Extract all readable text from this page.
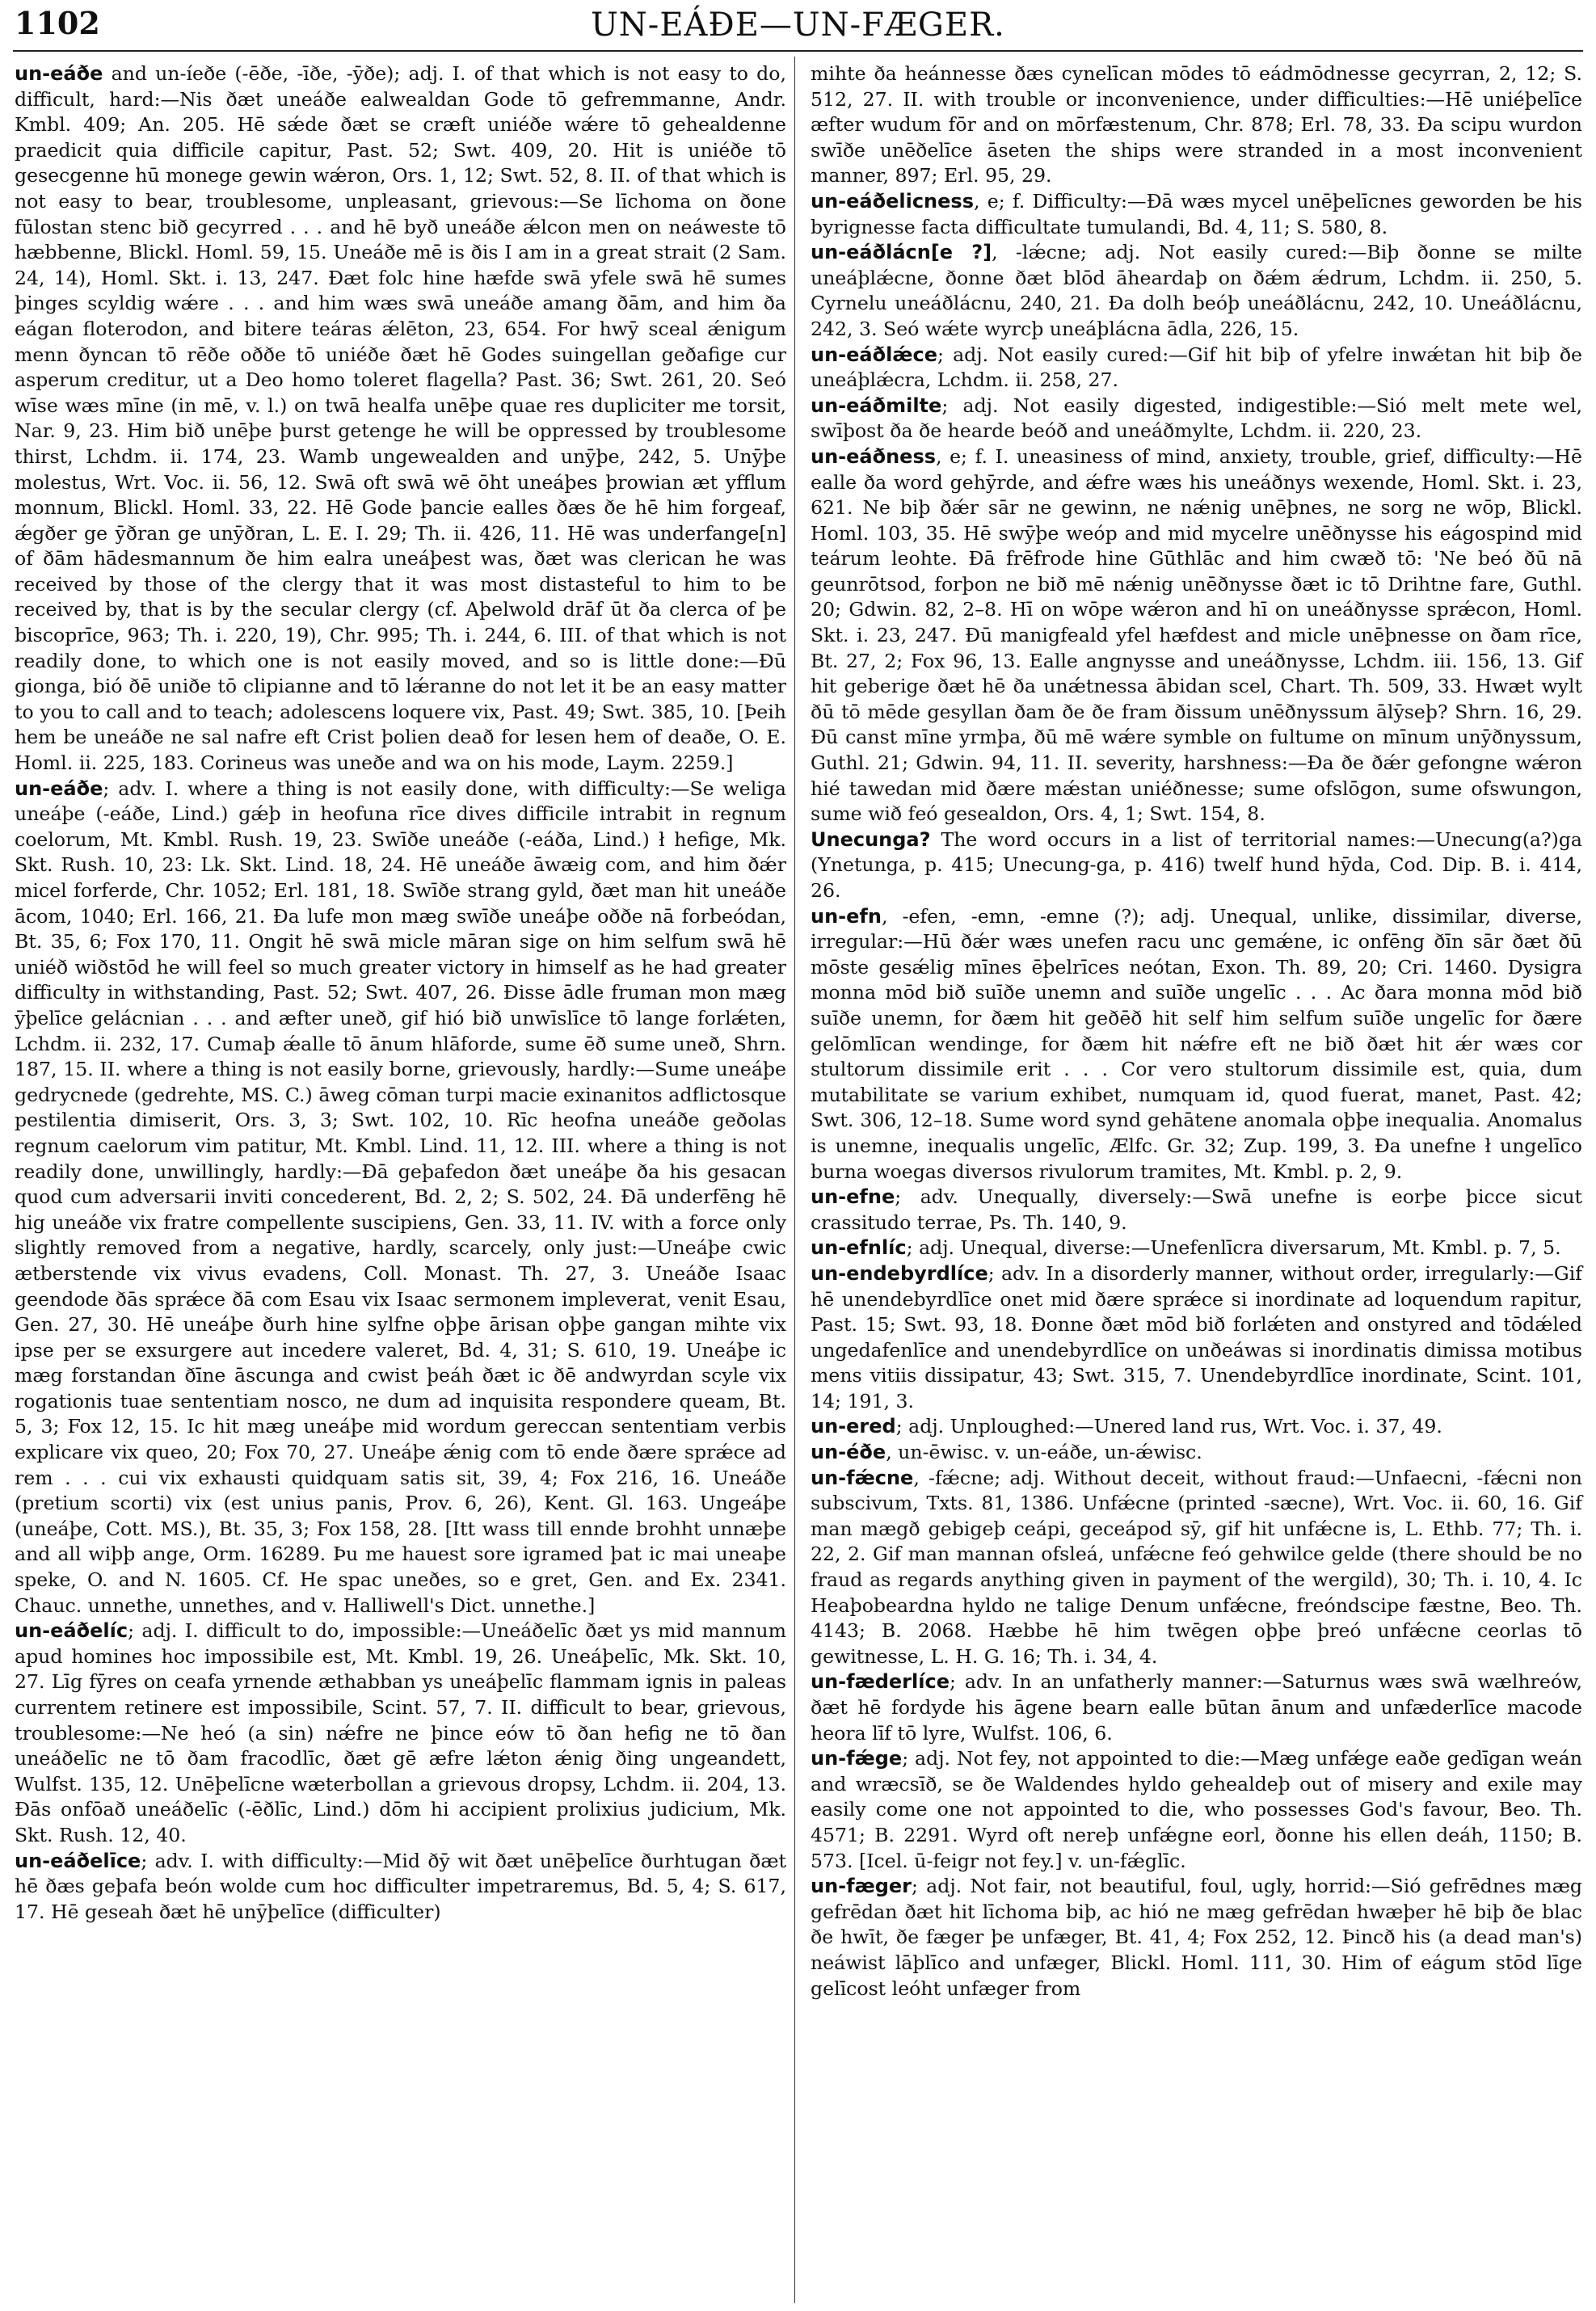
1102	UN-EÁÐE—UN-FÆGER.

un-eáðe and un-íeðe (-ēðe, -īðe, -ȳðe); adj. I. of that which is not easy to do, difficult, hard:—Nis ðæt uneáðe ealwealdan Gode tō gefremmanne, Andr. Kmbl. 409; An. 205. Hē sǽde ðæt se cræft uniéðe wǽre tō gehealdenne praedicit quia difficile capitur, Past. 52; Swt. 409, 20. Hit is uniéðe tō gesecgenne hū monege gewin wǽron, Ors. 1, 12; Swt. 52, 8. II. of that which is not easy to bear, troublesome, unpleasant, grievous:—Se līchoma on ðone fūlostan stenc bið gecyrred . . . and hē byð uneáðe ǽlcon men on neáweste tō hæbbenne, Blickl. Homl. 59, 15. Uneáðe mē is ðis I am in a great strait (2 Sam. 24, 14), Homl. Skt. i. 13, 247. Ðæt folc hine hæfde swā yfele swā hē sumes þinges scyldig wǽre . . . and him wæs swā uneáðe amang ðām, and him ða eágan floterodon, and bitere teáras ǽlēton, 23, 654. For hwȳ sceal ǽnigum menn ðyncan tō rēðe oððe tō uniéðe ðæt hē Godes suingellan geðafige cur asperum creditur, ut a Deo homo toleret flagella? Past. 36; Swt. 261, 20. Seó wīse wæs mīne (in mē, v. l.) on twā healfa unēþe quae res dupliciter me torsit, Nar. 9, 23. Him bið unēþe þurst getenge he will be oppressed by troublesome thirst, Lchdm. ii. 174, 23. Wamb ungewealden and unȳþe, 242, 5. Unȳþe molestus, Wrt. Voc. ii. 56, 12. Swā oft swā wē ōht uneáþes þrowian æt yfflum monnum, Blickl. Homl. 33, 22. Hē Gode þancie ealles ðæs ðe hē him forgeaf, ǽgðer ge ȳðran ge unȳðran, L. E. I. 29; Th. ii. 426, 11. Hē was underfange[n] of ðām hādesmannum ðe him ealra uneáþest was, ðæt was clerican he was received by those of the clergy that it was most distasteful to him to be received by, that is by the secular clergy (cf. Aþelwold drāf ūt ða clerca of þe biscoprīce, 963; Th. i. 220, 19), Chr. 995; Th. i. 244, 6. III. of that which is not readily done, to which one is not easily moved, and so is little done:—Ðū gionga, bió ðē uniðe tō clipianne and tō lǽranne do not let it be an easy matter to you to call and to teach; adolescens loquere vix, Past. 49; Swt. 385, 10. [Þeih hem be uneáðe ne sal nafre eft Crist þolien deað for lesen hem of deaðe, O. E. Homl. ii. 225, 183. Corineus was uneðe and wa on his mode, Laym. 2259.]

un-eáðe; adv. I. where a thing is not easily done, with difficulty:—Se weliga uneáþe (-eáðe, Lind.) gǽþ in heofuna rīce dives difficile intrabit in regnum coelorum, Mt. Kmbl. Rush. 19, 23. Swīðe uneáðe (-eáða, Lind.) ł hefige, Mk. Skt. Rush. 10, 23: Lk. Skt. Lind. 18, 24. Hē uneáðe āwæig com, and him ðǽr micel forferde, Chr. 1052; Erl. 181, 18. Swīðe strang gyld, ðæt man hit uneáðe ācom, 1040; Erl. 166, 21. Ða lufe mon mæg swīðe uneáþe oððe nā forbeódan, Bt. 35, 6; Fox 170, 11. Ongit hē swā micle māran sige on him selfum swā hē uniéð wiðstōd he will feel so much greater victory in himself as he had greater difficulty in withstanding, Past. 52; Swt. 407, 26. Ðisse ādle fruman mon mæg ȳþelīce gelácnian . . . and æfter uneð, gif hió bið unwīslīce tō lange forlǽten, Lchdm. ii. 232, 17. Cumaþ ǽalle tō ānum hlāforde, sume ēð sume uneð, Shrn. 187, 15. II. where a thing is not easily borne, grievously, hardly:—Sume uneáþe gedrycnede (gedrehte, MS. C.) āweg cōman turpi macie exinanitos adflictosque pestilentia dimiserit, Ors. 3, 3; Swt. 102, 10. Rīc heofna uneáðe geðolas regnum caelorum vim patitur, Mt. Kmbl. Lind. 11, 12. III. where a thing is not readily done, unwillingly, hardly:—Ðā geþafedon ðæt uneáþe ða his gesacan quod cum adversarii inviti concederent, Bd. 2, 2; S. 502, 24. Ðā underfēng hē hig uneáðe vix fratre compellente suscipiens, Gen. 33, 11. IV. with a force only slightly removed from a negative, hardly, scarcely, only just:—Uneáþe cwic ætberstende vix vivus evadens, Coll. Monast. Th. 27, 3. Uneáðe Isaac geendode ðās sprǽce ðā com Esau vix Isaac sermonem impleverat, venit Esau, Gen. 27, 30. Hē uneáþe ðurh hine sylfne oþþe ārisan oþþe gangan mihte vix ipse per se exsurgere aut incedere valeret, Bd. 4, 31; S. 610, 19. Uneáþe ic mæg forstandan ðīne āscunga and cwist þeáh ðæt ic ðē andwyrdan scyle vix rogationis tuae sententiam nosco, ne dum ad inquisita respondere queam, Bt. 5, 3; Fox 12, 15. Ic hit mæg uneáþe mid wordum gereccan sententiam verbis explicare vix queo, 20; Fox 70, 27. Uneáþe ǽnig com tō ende ðære sprǽce ad rem . . . cui vix exhausti quidquam satis sit, 39, 4; Fox 216, 16. Uneáðe (pretium scorti) vix (est unius panis, Prov. 6, 26), Kent. Gl. 163. Ungeáþe (uneáþe, Cott. MS.), Bt. 35, 3; Fox 158, 28. [Itt wass till ennde brohht unnæþe and all wiþþ ange, Orm. 16289. Þu me hauest sore igramed þat ic mai uneaþe speke, O. and N. 1605. Cf. He spac uneðes, so e gret, Gen. and Ex. 2341. Chauc. unnethe, unnethes, and v. Halliwell's Dict. unnethe.]

un-eáðelíc; adj. I. difficult to do, impossible:—Uneáðelīc ðæt ys mid mannum apud homines hoc impossibile est, Mt. Kmbl. 19, 26. Uneáþelīc, Mk. Skt. 10, 27. Līg fȳres on ceafa yrnende æthabban ys uneáþelīc flammam ignis in paleas currentem retinere est impossibile, Scint. 57, 7. II. difficult to bear, grievous, troublesome:—Ne heó (a sin) nǽfre ne þince eów tō ðan hefig ne tō ðan uneáðelīc ne tō ðam fracodlīc, ðæt gē æfre lǽton ǽnig ðing ungeandett, Wulfst. 135, 12. Unēþelīcne wæterbollan a grievous dropsy, Lchdm. ii. 204, 13. Ðās onfōað uneáðelīc (-ēðlīc, Lind.) dōm hi accipient prolixius judicium, Mk. Skt. Rush. 12, 40.

un-eáðelīce; adv. I. with difficulty:—Mid ðȳ wit ðæt unēþelīce ðurhtugan ðæt hē ðæs geþafa beón wolde cum hoc difficulter impetraremus, Bd. 5, 4; S. 617, 17. Hē geseah ðæt hē unȳþelīce (difficulter)

mihte ða heánnesse ðæs cynelīcan mōdes tō eádmōdnesse gecyrran, 2, 12; S. 512, 27. II. with trouble or inconvenience, under difficulties:—Hē uniéþelīce æfter wudum fōr and on mōrfæstenum, Chr. 878; Erl. 78, 33. Ða scipu wurdon swīðe unēðelīce āseten the ships were stranded in a most inconvenient manner, 897; Erl. 95, 29.

un-eáðelicness, e; f. Difficulty:—Ðā wæs mycel unēþelīcnes geworden be his byrignesse facta difficultate tumulandi, Bd. 4, 11; S. 580, 8.

un-eáðlácn[e ?], -lǽcne; adj. Not easily cured:—Biþ ðonne se milte uneáþlǽcne, ðonne ðæt blōd āheardaþ on ðǽm ǽdrum, Lchdm. ii. 250, 5. Cyrnelu uneáðlácnu, 240, 21. Ða dolh beóþ uneáðlácnu, 242, 10. Uneáðlácnu, 242, 3. Seó wǽte wyrcþ uneáþlácna ādla, 226, 15.

un-eáðlǽce; adj. Not easily cured:—Gif hit biþ of yfelre inwǽtan hit biþ ðe uneáþlǽcra, Lchdm. ii. 258, 27.

un-eáðmilte; adj. Not easily digested, indigestible:—Sió melt mete wel, swīþost ða ðe hearde beóð and uneáðmylte, Lchdm. ii. 220, 23.

un-eáðness, e; f. I. uneasiness of mind, anxiety, trouble, grief, difficulty:—Hē ealle ða word gehȳrde, and ǽfre wæs his uneáðnys wexende, Homl. Skt. i. 23, 621. Ne biþ ðǽr sār ne gewinn, ne nǽnig unēþnes, ne sorg ne wōp, Blickl. Homl. 103, 35. Hē swȳþe weóp and mid mycelre unēðnysse his eágospind mid teárum leohte. Ðā frēfrode hine Gūthlāc and him cwæð tō: 'Ne beó ðū nā geunrōtsod, forþon ne bið mē nǽnig unēðnysse ðæt ic tō Drihtne fare, Guthl. 20; Gdwin. 82, 2–8. Hī on wōpe wǽron and hī on uneáðnysse sprǽcon, Homl. Skt. i. 23, 247. Ðū manigfeald yfel hæfdest and micle unēþnesse on ðam rīce, Bt. 27, 2; Fox 96, 13. Ealle angnysse and uneáðnysse, Lchdm. iii. 156, 13. Gif hit geberige ðæt hē ða unǽtnessa ābidan scel, Chart. Th. 509, 33. Hwæt wylt ðū tō mēde gesyllan ðam ðe ðe fram ðissum unēðnyssum ālȳseþ? Shrn. 16, 29. Ðū canst mīne yrmþa, ðū mē wǽre symble on fultume on mīnum unȳðnyssum, Guthl. 21; Gdwin. 94, 11. II. severity, harshness:—Ða ðe ðǽr gefongne wǽron hié tawedan mid ðære mǽstan uniéðnesse; sume ofslōgon, sume ofswungon, sume wið feó gesealdon, Ors. 4, 1; Swt. 154, 8.

Unecunga? The word occurs in a list of territorial names:—Unecung(a?)ga (Ynetunga, p. 415; Unecung-ga, p. 416) twelf hund hȳda, Cod. Dip. B. i. 414, 26.

un-efn, -efen, -emn, -emne (?); adj. Unequal, unlike, dissimilar, diverse, irregular:—Hū ðǽr wæs unefen racu unc gemǽne, ic onfēng ðīn sār ðæt ðū mōste gesǽlig mīnes ēþelrīces neótan, Exon. Th. 89, 20; Cri. 1460. Dysigra monna mōd bið suīðe unemn and suīðe ungelīc . . . Ac ðara monna mōd bið suīðe unemn, for ðæm hit geðēð hit self him selfum suīðe ungelīc for ðære gelōmlīcan wendinge, for ðæm hit nǽfre eft ne bið ðæt hit ǽr wæs cor stultorum dissimile erit . . . Cor vero stultorum dissimile est, quia, dum mutabilitate se varium exhibet, numquam id, quod fuerat, manet, Past. 42; Swt. 306, 12–18. Sume word synd gehātene anomala oþþe inequalia. Anomalus is unemne, inequalis ungelīc, Ælfc. Gr. 32; Zup. 199, 3. Ða unefne ł ungelīco burna woegas diversos rivulorum tramites, Mt. Kmbl. p. 2, 9.

un-efne; adv. Unequally, diversely:—Swā unefne is eorþe þicce sicut crassitudo terrae, Ps. Th. 140, 9.

un-efnlíc; adj. Unequal, diverse:—Unefenlīcra diversarum, Mt. Kmbl. p. 7, 5.

un-endebyrdlíce; adv. In a disorderly manner, without order, irregularly:—Gif hē unendebyrdlīce onet mid ðære sprǽce si inordinate ad loquendum rapitur, Past. 15; Swt. 93, 18. Ðonne ðæt mōd bið forlǽten and onstyred and tōdǽled ungedafenlīce and unendebyrdlīce on unðeáwas si inordinatis dimissa motibus mens vitiis dissipatur, 43; Swt. 315, 7. Unendebyrdlīce inordinate, Scint. 101, 14; 191, 3.

un-ered; adj. Unploughed:—Unered land rus, Wrt. Voc. i. 37, 49.

un-éðe, un-ēwisc. v. un-eáðe, un-ǽwisc.

un-fǽcne, -fǽcne; adj. Without deceit, without fraud:—Unfaecni, -fǽcni non subscivum, Txts. 81, 1386. Unfǽcne (printed -sæcne), Wrt. Voc. ii. 60, 16. Gif man mægð gebigeþ ceápi, geceápod sȳ, gif hit unfǽcne is, L. Ethb. 77; Th. i. 22, 2. Gif man mannan ofsleá, unfǽcne feó gehwilce gelde (there should be no fraud as regards anything given in payment of the wergild), 30; Th. i. 10, 4. Ic Heaþobeardna hyldo ne talige Denum unfǽcne, freóndscipe fæstne, Beo. Th. 4143; B. 2068. Hæbbe hē him twēgen oþþe þreó unfǽcne ceorlas tō gewitnesse, L. H. G. 16; Th. i. 34, 4.

un-fæderlíce; adv. In an unfatherly manner:—Saturnus wæs swā wælhreów, ðæt hē fordyde his āgene bearn ealle būtan ānum and unfæderlīce macode heora līf tō lyre, Wulfst. 106, 6.

un-fǽge; adj. Not fey, not appointed to die:—Mæg unfǽge eaðe gedīgan weán and wræcsīð, se ðe Waldendes hyldo gehealdeþ out of misery and exile may easily come one not appointed to die, who possesses God's favour, Beo. Th. 4571; B. 2291. Wyrd oft nereþ unfǽgne eorl, ðonne his ellen deáh, 1150; B. 573. [Icel. ū-feigr not fey.] v. un-fǽglīc.

un-fæger; adj. Not fair, not beautiful, foul, ugly, horrid:—Sió gefrēdnes mæg gefrēdan ðæt hit līchoma biþ, ac hió ne mæg gefrēdan hwæþer hē biþ ðe blac ðe hwīt, ðe fæger þe unfæger, Bt. 41, 4; Fox 252, 12. Þincð his (a dead man's) neáwist lāþlīco and unfæger, Blickl. Homl. 111, 30. Him of eágum stōd līge gelīcost leóht unfæger from
